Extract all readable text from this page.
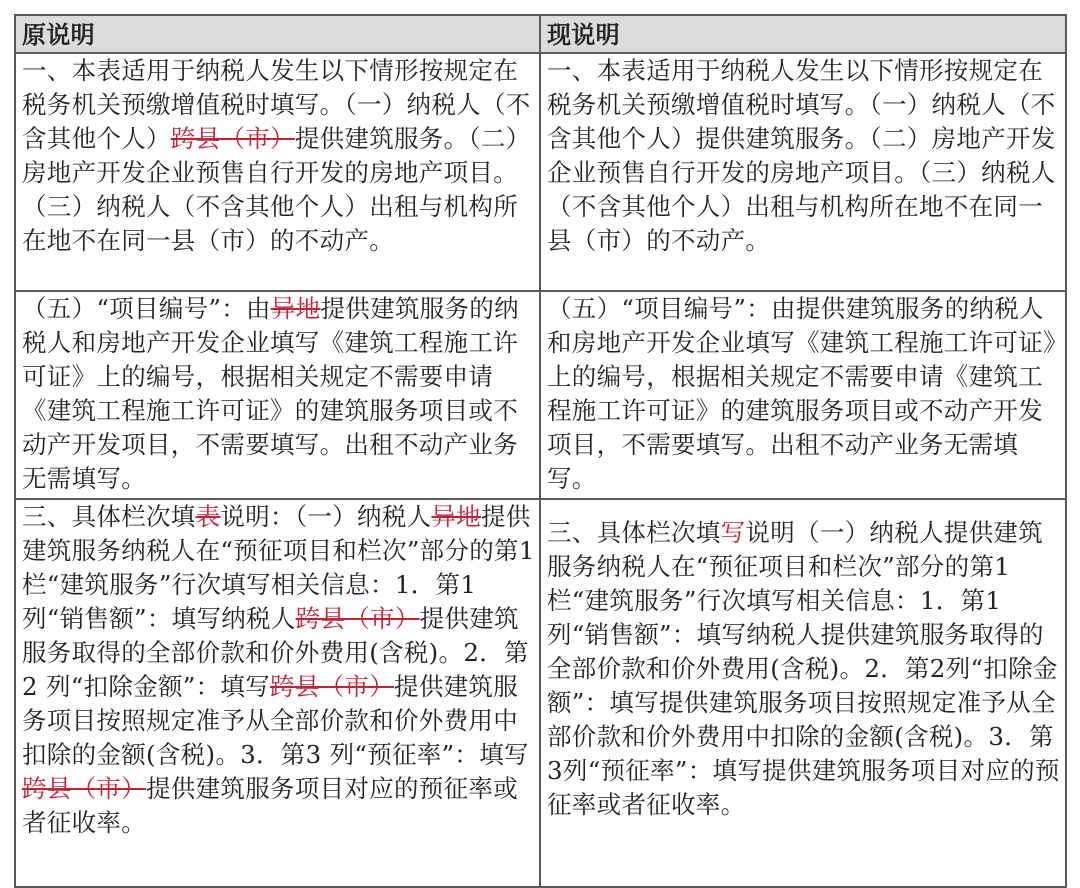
原说明	现说明
一、本表适用于纳税人发生以下情形按规定在税务机关预缴增值税时填写。（一）纳税人（不含其他个人）跨县（市）提供建筑服务。（二）房地产开发企业预售自行开发的房地产项目。（三）纳税人（不含其他个人）出租与机构所在地不在同一县（市）的不动产。	一、本表适用于纳税人发生以下情形按规定在税务机关预缴增值税时填写。（一）纳税人（不含其他个人）提供建筑服务。（二）房地产开发企业预售自行开发的房地产项目。（三）纳税人（不含其他个人）出租与机构所在地不在同一县（市）的不动产。
（五）“项目编号”：由异地提供建筑服务的纳税人和房地产开发企业填写《建筑工程施工许可证》上的编号，根据相关规定不需要申请《建筑工程施工许可证》的建筑服务项目或不动产开发项目，不需要填写。出租不动产业务无需填写。	（五）“项目编号”：由提供建筑服务的纳税人和房地产开发企业填写《建筑工程施工许可证》上的编号，根据相关规定不需要申请《建筑工程施工许可证》的建筑服务项目或不动产开发项目，不需要填写。出租不动产业务无需填写。
三、具体栏次填表说明：（一）纳税人异地提供建筑服务纳税人在“预征项目和栏次”部分的第1 栏“建筑服务”行次填写相关信息：1．第1 列“销售额”：填写纳税人跨县（市）提供建筑服务取得的全部价款和价外费用(含税)。2．第2 列“扣除金额”：填写跨县（市）提供建筑服务项目按照规定准予从全部价款和价外费用中扣除的金额(含税)。3．第3 列“预征率”：填写跨县（市）提供建筑服务项目对应的预征率或者征收率。	三、具体栏次填写说明（一）纳税人提供建筑服务纳税人在“预征项目和栏次”部分的第1栏“建筑服务”行次填写相关信息：1．第1列“销售额”：填写纳税人提供建筑服务取得的全部价款和价外费用(含税)。2．第2列“扣除金额”：填写提供建筑服务项目按照规定准予从全部价款和价外费用中扣除的金额(含税)。3．第3列“预征率”：填写提供建筑服务项目对应的预征率或者征收率。
